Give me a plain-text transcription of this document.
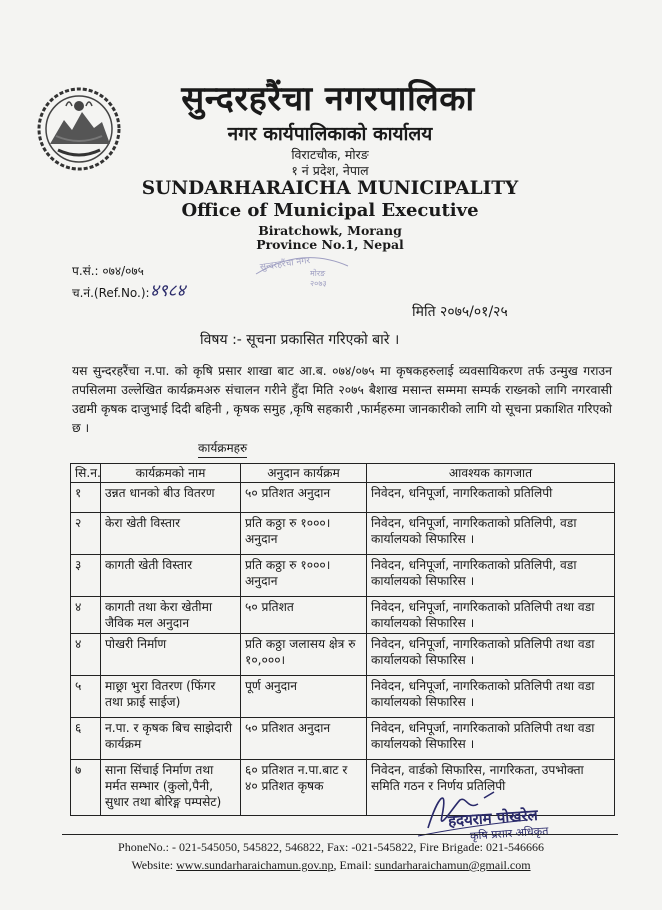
सुन्दरहरैंचा नगरपालिका
नगर कार्यपालिकाको कार्यालय
विराटचौक, मोरङ
१ नं प्रदेश, नेपाल
SUNDARHARAICHA MUNICIPALITY
Office of Municipal Executive
Biratchowk, Morang
Province No.1, Nepal
सुन्दरहरैंचा नगर
मोरङ
२०७३
प.सं.: ०७४/०७५
च.नं.(Ref.No.): ४९८४
मिति २०७५/०१/२५
विषय :- सूचना प्रकासित गरिएको बारे ।
यस सुन्दरहरैंचा न.पा. को कृषि प्रसार शाखा बाट आ.ब. ०७४/०७५ मा कृषकहरुलाई व्यवसायिकरण तर्फ उन्मुख गराउन तपसिलमा उल्लेखित कार्यक्रमअरु संचालन गरीने हुँदा मिति २०७५ बैशाख मसान्त सम्ममा सम्पर्क राख्नको लागि नगरवासी उद्यमी कृषक दाजुभाई दिदी बहिनी , कृषक समुह ,कृषि सहकारी ,फार्महरुमा जानकारीको लागि यो सूचना प्रकाशित गरिएको छ ।
कार्यक्रमहरु
सि.न.	कार्यक्रमको नाम	अनुदान कार्यक्रम	आवश्यक कागजात
१	उन्नत धानको बीउ वितरण	५० प्रतिशत अनुदान	निवेदन, धनिपूर्जा, नागरिकताको प्रतिलिपी
२	केरा खेती विस्तार	प्रति कठ्ठा रु १०००। अनुदान	निवेदन, धनिपूर्जा, नागरिकताको प्रतिलिपी, वडा कार्यालयको सिफारिस ।
३	कागती खेती विस्तार	प्रति कठ्ठा रु १०००। अनुदान	निवेदन, धनिपूर्जा, नागरिकताको प्रतिलिपी, वडा कार्यालयको सिफारिस ।
४	कागती तथा केरा खेतीमा जैविक मल अनुदान	५० प्रतिशत	निवेदन, धनिपूर्जा, नागरिकताको प्रतिलिपी तथा वडा कार्यालयको सिफारिस ।
४	पोखरी निर्माण	प्रति कठ्ठा जलासय क्षेत्र रु १०,०००।	निवेदन, धनिपूर्जा, नागरिकताको प्रतिलिपी तथा वडा कार्यालयको सिफारिस ।
५	माछ्रा भुरा वितरण (फिंगर तथा फ्राई साईज)	पूर्ण अनुदान	निवेदन, धनिपूर्जा, नागरिकताको प्रतिलिपी तथा वडा कार्यालयको सिफारिस ।
६	न.पा. र कृषक बिच साझेदारी कार्यक्रम	५० प्रतिशत अनुदान	निवेदन, धनिपूर्जा, नागरिकताको प्रतिलिपी तथा वडा कार्यालयको सिफारिस ।
७	साना सिंचाई निर्माण तथा मर्मत सम्भार (कुलो,पैनी, सुधार तथा बोरिङ्ग पम्पसेट)	६० प्रतिशत न.पा.बाट र ४० प्रतिशत कृषक	निवेदन, वार्डको सिफारिस, नागरिकता, उपभोक्ता समिति गठन र निर्णय प्रतिलिपी
हदयराम पोखरेल
कृषि प्रसार अधिकृत
PhoneNo.: - 021-545050, 545822, 546822, Fax: -021-545822, Fire Brigade: 021-546666
Website: www.sundarharaichamun.gov.np, Email: sundarharaichamun@gmail.com
